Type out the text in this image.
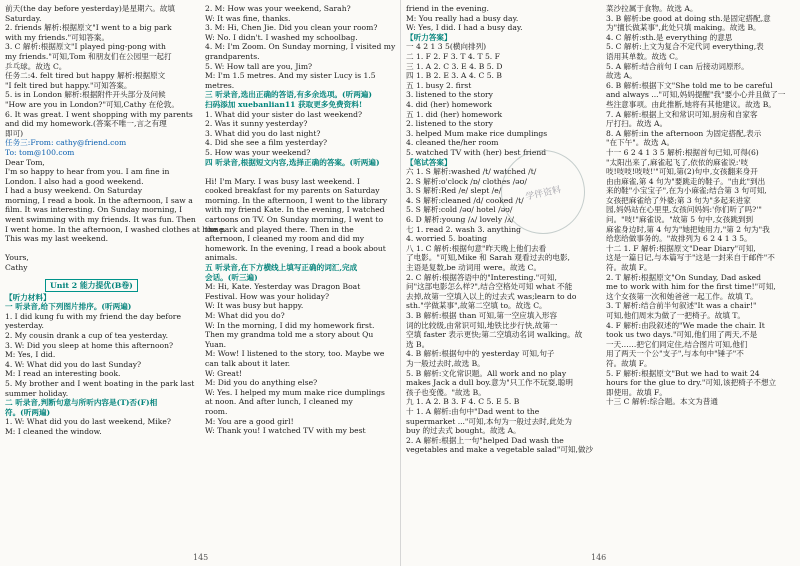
前天(the day before yesterday)是星期六。故填
Saturday.
2. friends 解析:根据原文"I went to a big park
with my friends."可知答案。
3. C 解析:根据原文"I played ping-pong with
my friends."可知,Tom 和朋友们在公园里一起打
乒乓球。故选 C。
任务二:4. felt tired but happy 解析:根据原文
"I felt tired but happy."可知答案。
5. is in London 解析:根据附件开头部分及问候
"How are you in London?"可知,Cathy 在伦敦。
6. It was great. I went shopping with my parents
and did my homework.(答案不唯一,言之有理
即可)
任务三:From: cathy@friend.com
To: tom@100.com
Dear Tom,
I'm so happy to hear from you. I am fine in
London. I also had a good weekend.
I had a busy weekend. On Saturday
morning, I read a book. In the afternoon, I saw a
film. It was interesting. On Sunday morning, I
went swimming with my friends. It was fun. Then
I went home. In the afternoon, I washed clothes at home.
This was my last weekend.

Yours,
Cathy
Unit 2 能力提优(B卷)
【听力材料】
一 听录音,给下列图片排序。(听两遍)
1. I did kung fu with my friend the day before
yesterday.
2. My cousin drank a cup of tea yesterday.
3. W: Did you sleep at home this afternoon?
M: Yes, I did.
4. W: What did you do last Sunday?
M: I read an interesting book.
5. My brother and I went boating in the park last
summer holiday.
二 听录音,判断句意与所听内容是(T)否(F)相
符。(听两遍)
1. W: What did you do last weekend, Mike?
M: I cleaned the window.
2. M: How was your weekend, Sarah?
W: It was fine, thanks.
3. M: Hi, Chen Jie. Did you clean your room?
W: No. I didn't. I washed my schoolbag.
4. M: I'm Zoom. On Sunday morning, I visited my
grandparents.
5. W: How tall are you, Jim?
M: I'm 1.5 metres. And my sister Lucy is 1.5
metres.
三 听录音,选出正确的答语,有多余选项。(听两遍)
扫码添加 xuebanlian11 获取更多免费资料!
1. What did your sister do last weekend?
2. Was it sunny yesterday?
3. What did you do last night?
4. Did she see a film yesterday?
5. How was your weekend?
四 听录音,根据短文内容,选择正确的答案。(听两遍)

Hi! I'm Mary. I was busy last weekend. I
cooked breakfast for my parents on Saturday
morning. In the afternoon, I went to the library
with my friend Kate. In the evening, I watched
cartoons on TV. On Sunday morning, I went to
the park and played there. Then in the
afternoon, I cleaned my room and did my
homework. In the evening, I read a book about
animals.
五 听录音,在下方横线上填写正确的词汇,完成
会话。(听三遍)
M: Hi, Kate. Yesterday was Dragon Boat
Festival. How was your holiday?
W: It was busy but happy.
M: What did you do?
W: In the morning, I did my homework first.
Then my grandma told me a story about Qu
Yuan.
M: Wow! I listened to the story, too. Maybe we
can talk about it later.
W: Great!
M: Did you do anything else?
W: Yes. I helped my mum make rice dumplings
at noon. And after lunch, I cleaned my
room.
M: You are a good girl!
W: Thank you! I watched TV with my best
145
friend in the evening.
M: You really had a busy day.
W: Yes, I did. I had a busy day.
【听力答案】
一 4 2 1 3 5(横向排列)
二 1. F 2. F 3. T 4. T 5. F
三 1. A 2. C 3. E 4. B 5. D
四 1. B 2. E 3. A 4. C 5. B
五 1. busy 2. first
3. listened to the story
4. did (her) homework
五 1. did (her) homework
2. listened to the story
3. helped Mum make rice dumplings
4. cleaned the/her room
5. watched TV with (her) best friend
【笔试答案】
六 1. S 解析:washed /t/ watched /t/
2. S 解析:o'clock /ɒ/ clothes /əʊ/
3. S 解析:Red /e/ slept /e/
4. S 解析:cleaned /d/ cooked /t/
5. S 解析:cold /əʊ/ hotel /əʊ/
6. D 解析:young /ʌ/ lovely /ʌ/
七 1. read 2. wash 3. anything
4. worried 5. boating
八 1. C 解析:根据句意"昨天晚上他们去看
了电影。"可知,Mike 和 Sarah 观看过去的电影,
主语是复数,be 动词用 were。故选 C。
2. C 解析:根据答语中的"Interesting."可知,
问"这部电影怎么样?",结合空格处可知 what 不能
去掉,故第一空填入以上的过去式 was;learn to do
sth."学做某事",故第二空填 to。故选 C。
3. B 解析:根据 than 可知,第一空应填入形容
词的比较级,由常识可知,地铁比步行快,故第一
空填 faster 表示更快;第二空填动名词 walking。故
选 B。
4. B 解析:根据句中的 yesterday 可知,句子
为一般过去时,故选 B。
5. B 解析:文化常识题。All work and no play
makes Jack a dull boy.意为"只工作不玩耍,聪明
孩子也变傻。"故选 B。
九 1. A 2. B 3. F 4. C 5. E 5. B
十 1. A 解析:由句中"Dad went to the
supermarket ..."可知,本句为一般过去时,此处为
buy 的过去式 bought。故选 A。
2. A 解析:根据上一句"helped Dad wash the
vegetables and make a vegetable salad"可知,做沙
菜沙拉属于食物。故选 A。
3. B 解析:be good at doing sth.是固定搭配,意
为"擅长做某事",此处只填 making。故选 B。
4. C 解析:sth.是 everything 的意思
5. C 解析:上文为复合不定代词 everything,表
语用其单数。故选 C。
5. A 解析:结合前句 I can 后接动词原形。
故选 A。
6. B 解析:根据下文"She told me to be careful
and always ..."可知,妈妈提醒"我"要小心并且做了一
些注意事项。由此推断,她将有其他建议。故选 B。
7. A 解析:根据上文和常识可知,厨房和自家客
厅打扫。故选 A。
8. A 解析:in the afternoon 为固定搭配,表示
"在下午"。故选 A。
十一 6 2 4 1 3 5 解析:根据首句已知,可得(6)
"太阳出来了,麻雀起飞了,依依的麻雀说:'吱
吱!吱吱!吱吱!'"可知,第(2)句中,女孩翻来身开
由由麻雀,第 4 句为"要跳走的鞋子。"由此"到出
来的鞋"小宝宝子",在为小麻雀;结合第 3 句可知,
女孩把麻雀给了外婆;第 3 句为"多起来进家
园,妈妈站在心里里,女孩问妈妈:'你们听了吗?'"
问。"吱!"麻雀说。"故第 5 句中,女孩跳到到
麻雀身边时,第 4 句为"她把她用力,"第 2 句为"我
给您给做事务的。"故排列为 6 2 4 1 3 5。
十二 1. F 解析:根据原文"Dear Diary"可知,
这是一篇日记,与本篇写于"这是一封来自于邮件"不
符。故填 F。
2. T 解析:根据原文"On Sunday, Dad asked
me to work with him for the first time!"可知,
这个女孩第一次和她爸爸一起工作。故填 T。
3. T 解析:结合前半句叙述"It was a chair!"
可知,他们周末为做了一把椅子。故填 T。
4. F 解析:由段叙述的"We made the chair. It
took us two days."可知,他们用了两天,不是
一天……把它们同定住,结合图片可知,他们
用了两天一个公"支子",与本句中"锤子"不
符。故填 F。
5. F 解析:根据原文"But we had to wait 24
hours for the glue to dry."可知,该把椅子不想立
即使用。故填 F。
十三 C 解析:综合题。本文为普通
学伴资料
146
